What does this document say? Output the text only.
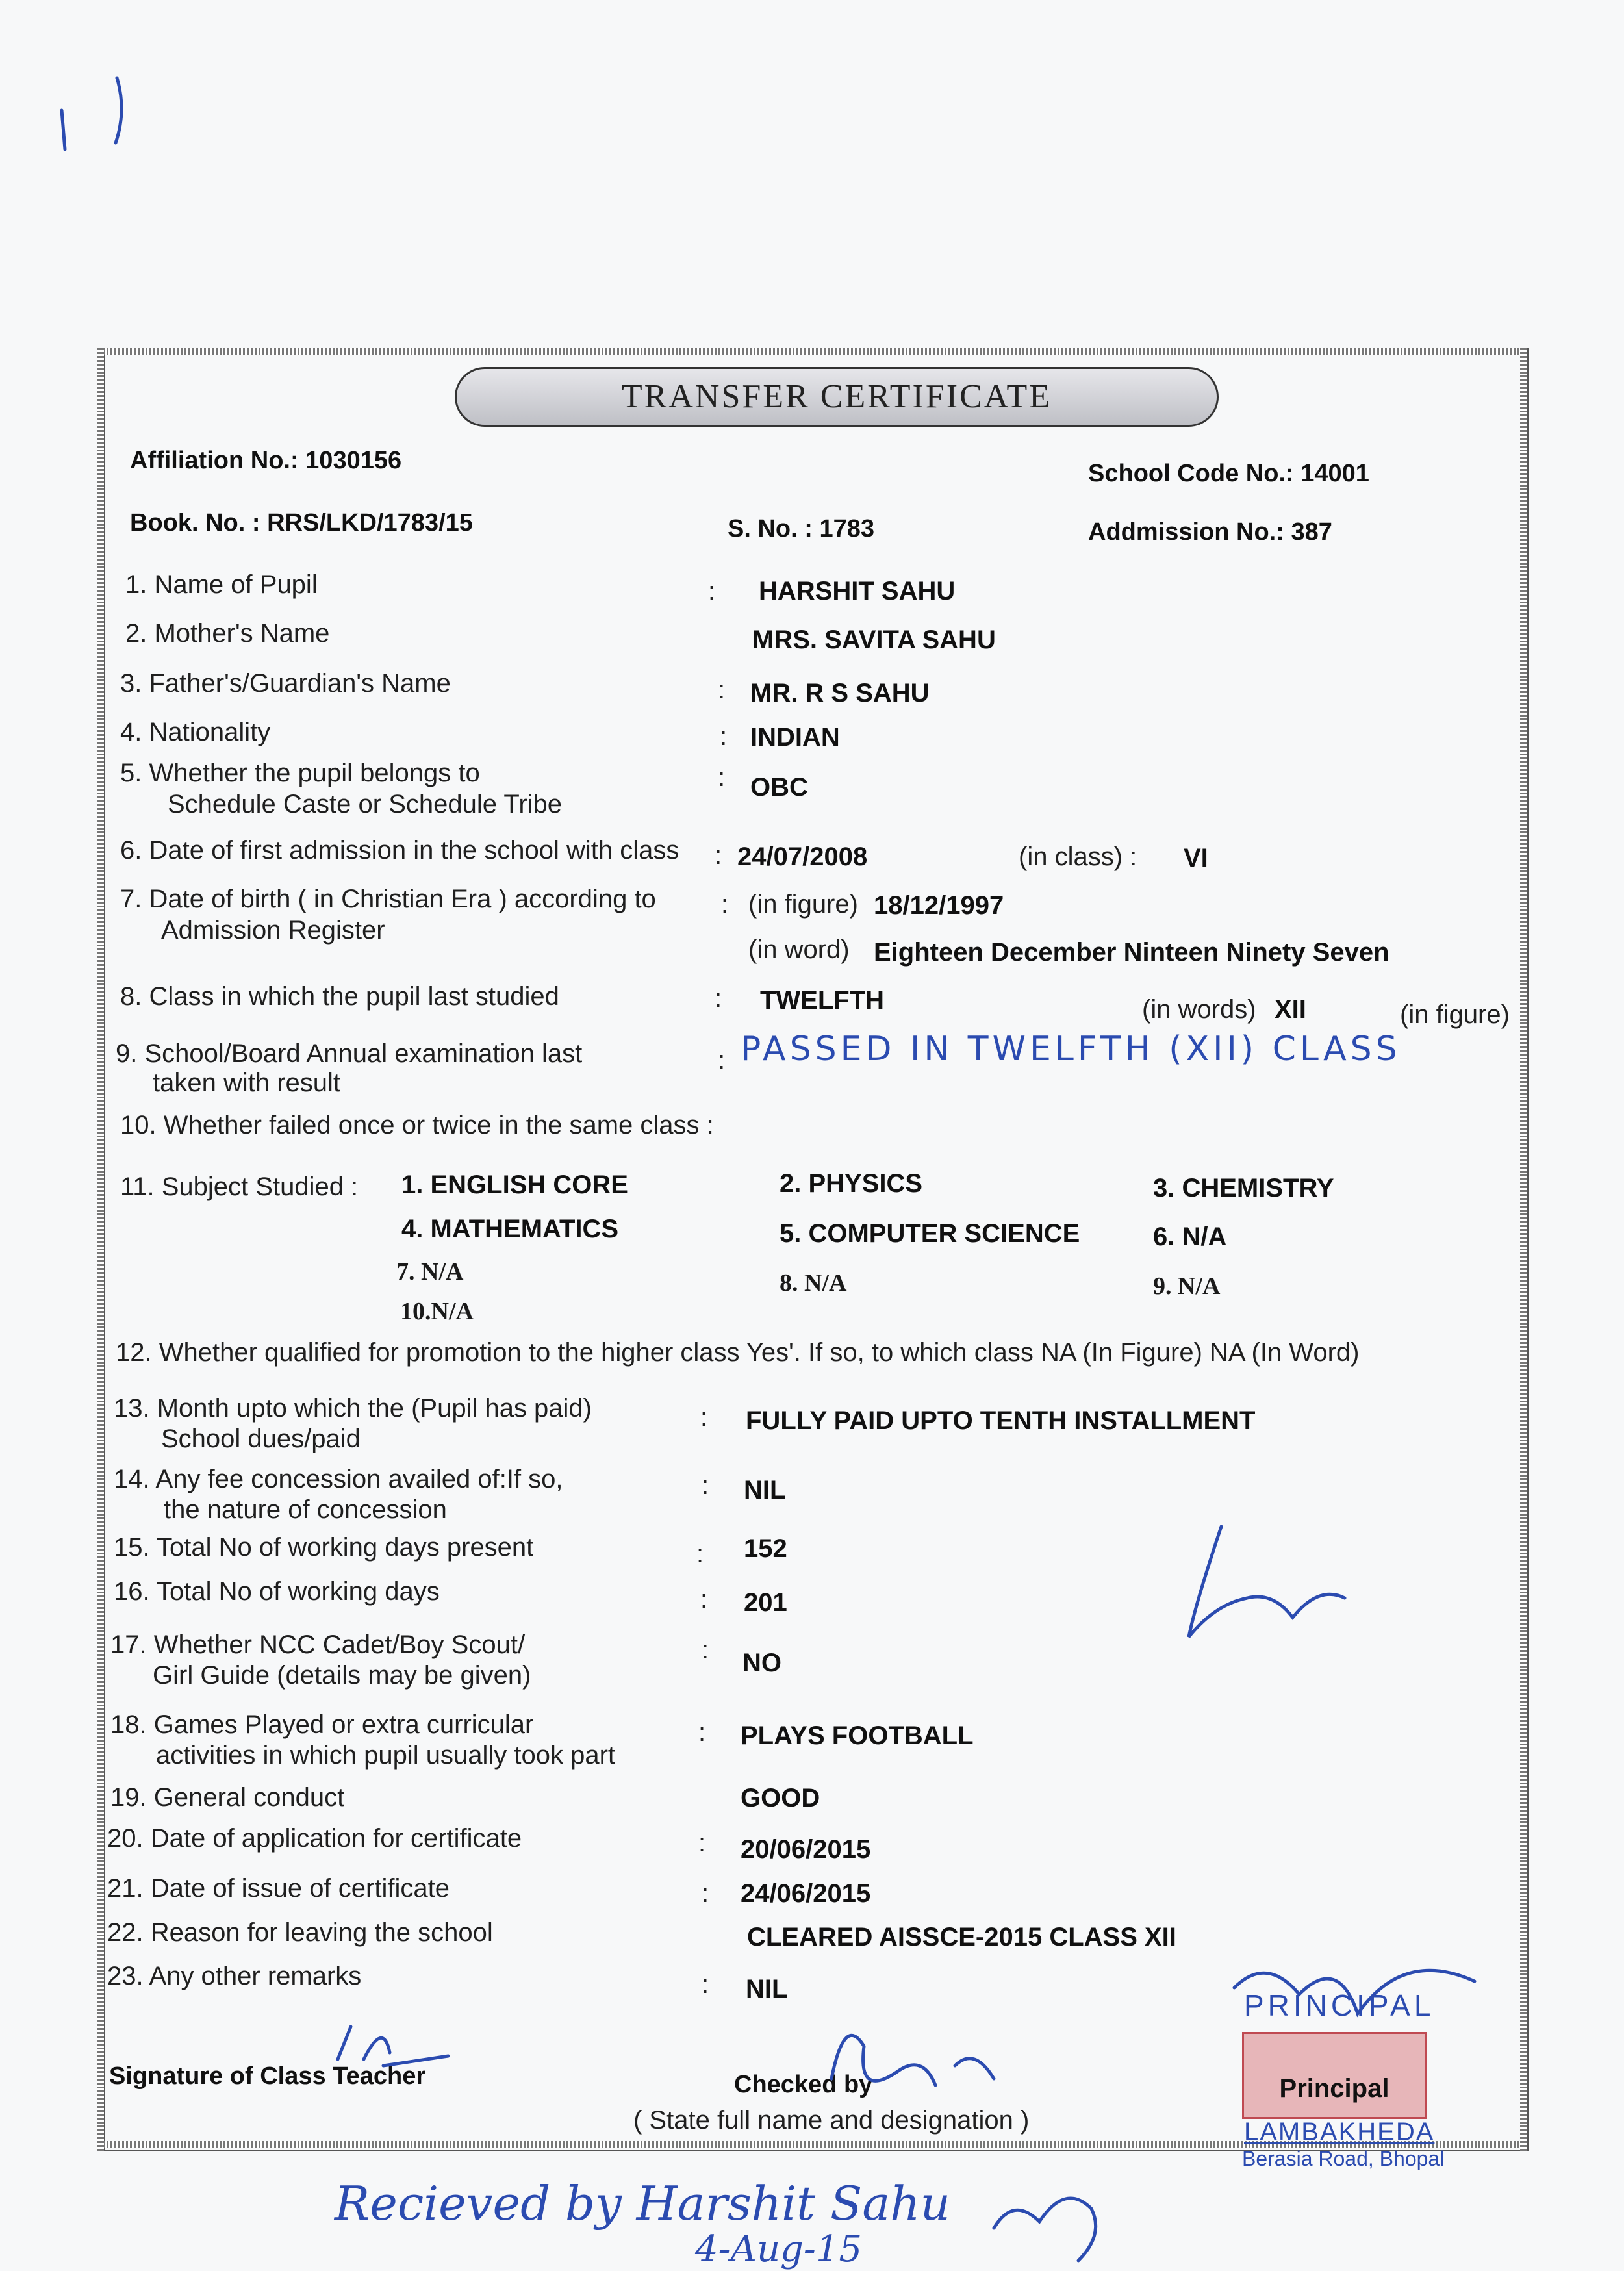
TRANSFER CERTIFICATE
Affiliation No.: 1030156	School Code No.: 14001
Book. No. : RRS/LKD/1783/15	S. No. : 1783	Addmission No.: 387
1. Name of Pupil	: HARSHIT SAHU
2. Mother's Name	MRS. SAVITA SAHU
3. Father's/Guardian's Name	: MR. R S SAHU
4. Nationality	: INDIAN
5. Whether the pupil belongs to
Schedule Caste or Schedule Tribe
: OBC
6. Date of first admission in the school with class : 24/07/2008	(in class) : VI
7. Date of birth ( in Christian Era ) according to
Admission Register
: (in figure) 18/12/1997
(in word) Eighteen December Ninteen Ninety Seven
8. Class in which the pupil last studied	: TWELFTH	(in words) XII	(in figure)
9. School/Board Annual examination last
taken with result
: PASSED IN TWELFTH (XII) CLASS
10. Whether failed once or twice in the same class :
11. Subject Studied : 1. ENGLISH CORE	2. PHYSICS	3. CHEMISTRY
4. MATHEMATICS	5. COMPUTER SCIENCE	6. N/A
7. N/A	8. N/A	9. N/A
10.N/A
12. Whether qualified for promotion to the higher class Yes'. If so, to which class NA (In Figure) NA (In Word)
13. Month upto which the (Pupil has paid)
School dues/paid
: FULLY PAID UPTO TENTH INSTALLMENT
14. Any fee concession availed of:If so,
the nature of concession
: NIL
15. Total No of working days present	: 152
16. Total No of working days	: 201
17. Whether NCC Cadet/Boy Scout/
Girl Guide (details may be given)
: NO
18. Games Played or extra curricular
activities in which pupil usually took part
: PLAYS FOOTBALL
19. General conduct	GOOD
20. Date of application for certificate	: 20/06/2015
21. Date of issue of certificate	: 24/06/2015
22. Reason for leaving the school	CLEARED AISSCE-2015 CLASS XII
23. Any other remarks	: NIL
Signature of Class Teacher	Checked by
( State full name and designation )
PRINCIPAL
Principal
LAMBAKHEDA
Berasia Road, Bhopal
Recieved by Harshit Sahu
4-Aug-15
